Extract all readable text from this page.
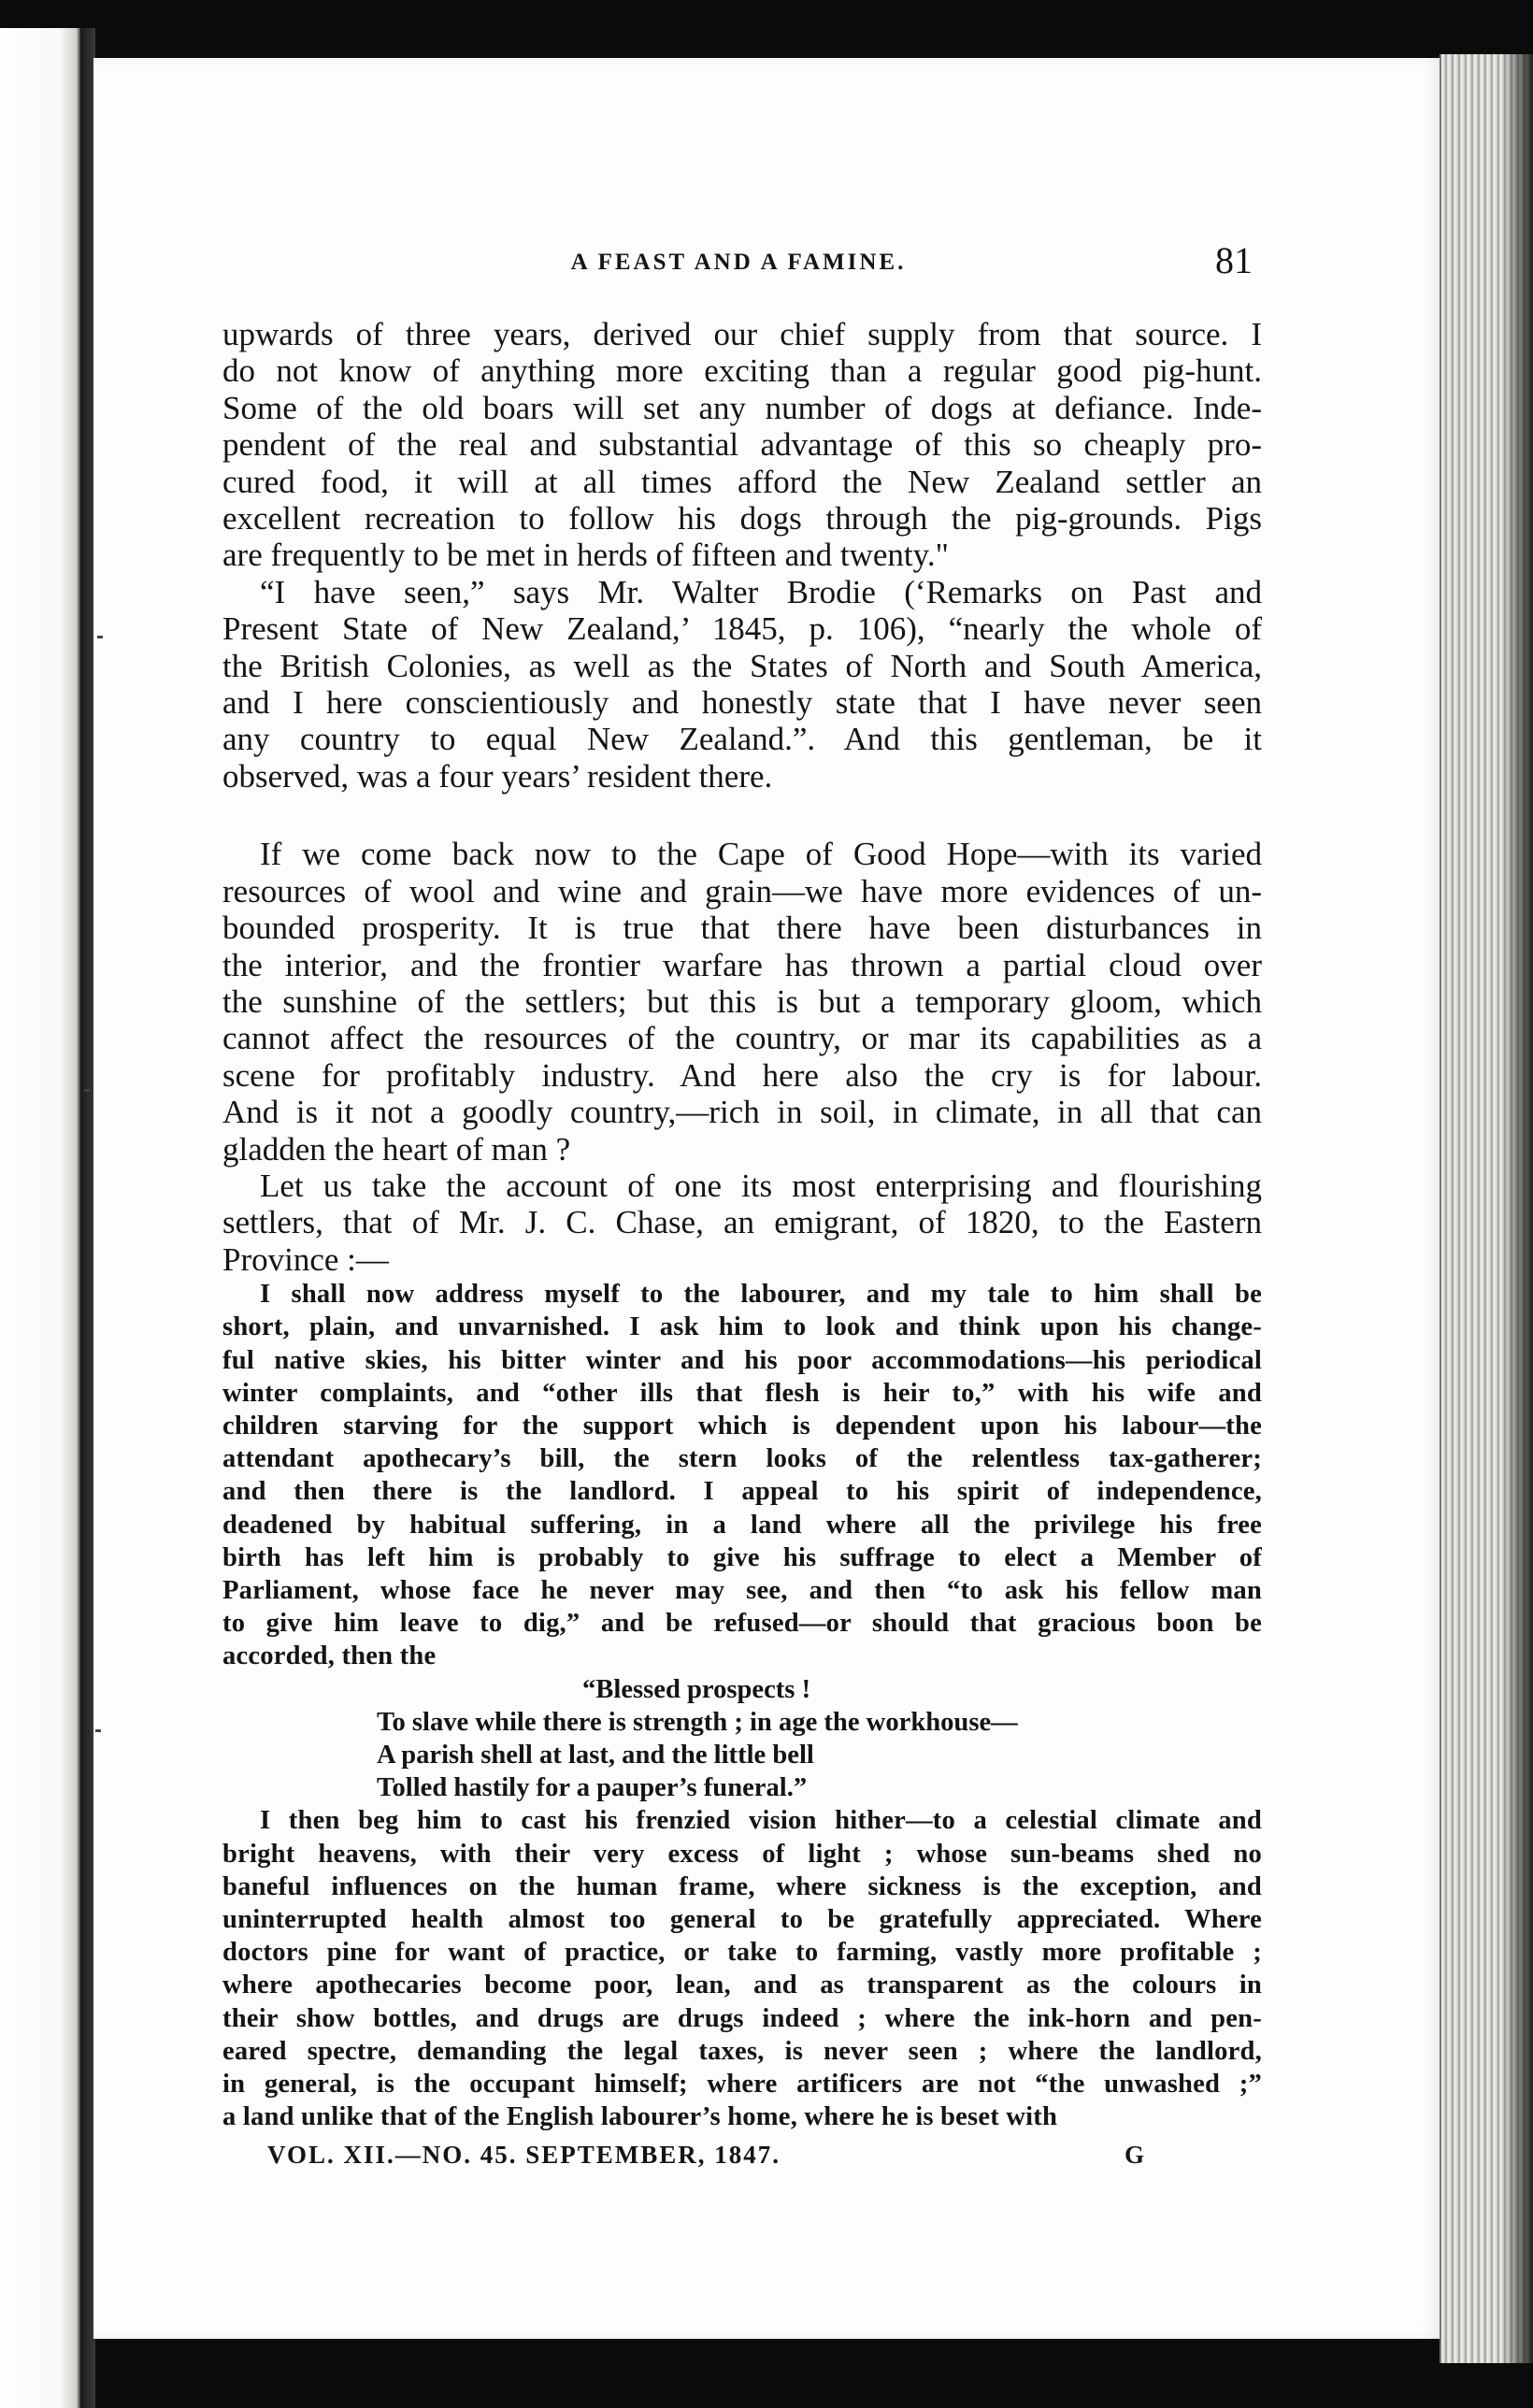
A FEAST AND A FAMINE.	81
upwards of three years, derived our chief supply from that source. I
do not know of anything more exciting than a regular good pig-hunt.
Some of the old boars will set any number of dogs at defiance. Inde-
pendent of the real and substantial advantage of this so cheaply pro-
cured food, it will at all times afford the New Zealand settler an
excellent recreation to follow his dogs through the pig-grounds. Pigs
are frequently to be met in herds of fifteen and twenty."
“I have seen,” says Mr. Walter Brodie (‘Remarks on Past and
Present State of New Zealand,’ 1845, p. 106), “nearly the whole of
the British Colonies, as well as the States of North and South America,
and I here conscientiously and honestly state that I have never seen
any country to equal New Zealand.”. And this gentleman, be it
observed, was a four years’ resident there.
If we come back now to the Cape of Good Hope—with its varied
resources of wool and wine and grain—we have more evidences of un-
bounded prosperity. It is true that there have been disturbances in
the interior, and the frontier warfare has thrown a partial cloud over
the sunshine of the settlers; but this is but a temporary gloom, which
cannot affect the resources of the country, or mar its capabilities as a
scene for profitably industry. And here also the cry is for labour.
And is it not a goodly country,—rich in soil, in climate, in all that can
gladden the heart of man ?
Let us take the account of one its most enterprising and flourishing
settlers, that of Mr. J. C. Chase, an emigrant, of 1820, to the Eastern
Province :—
I shall now address myself to the labourer, and my tale to him shall be
short, plain, and unvarnished. I ask him to look and think upon his change-
ful native skies, his bitter winter and his poor accommodations—his periodical
winter complaints, and “other ills that flesh is heir to,” with his wife and
children starving for the support which is dependent upon his labour—the
attendant apothecary’s bill, the stern looks of the relentless tax-gatherer;
and then there is the landlord. I appeal to his spirit of independence,
deadened by habitual suffering, in a land where all the privilege his free
birth has left him is probably to give his suffrage to elect a Member of
Parliament, whose face he never may see, and then “to ask his fellow man
to give him leave to dig,” and be refused—or should that gracious boon be
accorded, then the
“Blessed prospects !
To slave while there is strength ; in age the workhouse—
A parish shell at last, and the little bell
Tolled hastily for a pauper’s funeral.”
I then beg him to cast his frenzied vision hither—to a celestial climate and
bright heavens, with their very excess of light ; whose sun-beams shed no
baneful influences on the human frame, where sickness is the exception, and
uninterrupted health almost too general to be gratefully appreciated. Where
doctors pine for want of practice, or take to farming, vastly more profitable ;
where apothecaries become poor, lean, and as transparent as the colours in
their show bottles, and drugs are drugs indeed ; where the ink-horn and pen-
eared spectre, demanding the legal taxes, is never seen ; where the landlord,
in general, is the occupant himself; where artificers are not “the unwashed ;”
a land unlike that of the English labourer’s home, where he is beset with
VOL. XII.—NO. 45. SEPTEMBER, 1847.	G
